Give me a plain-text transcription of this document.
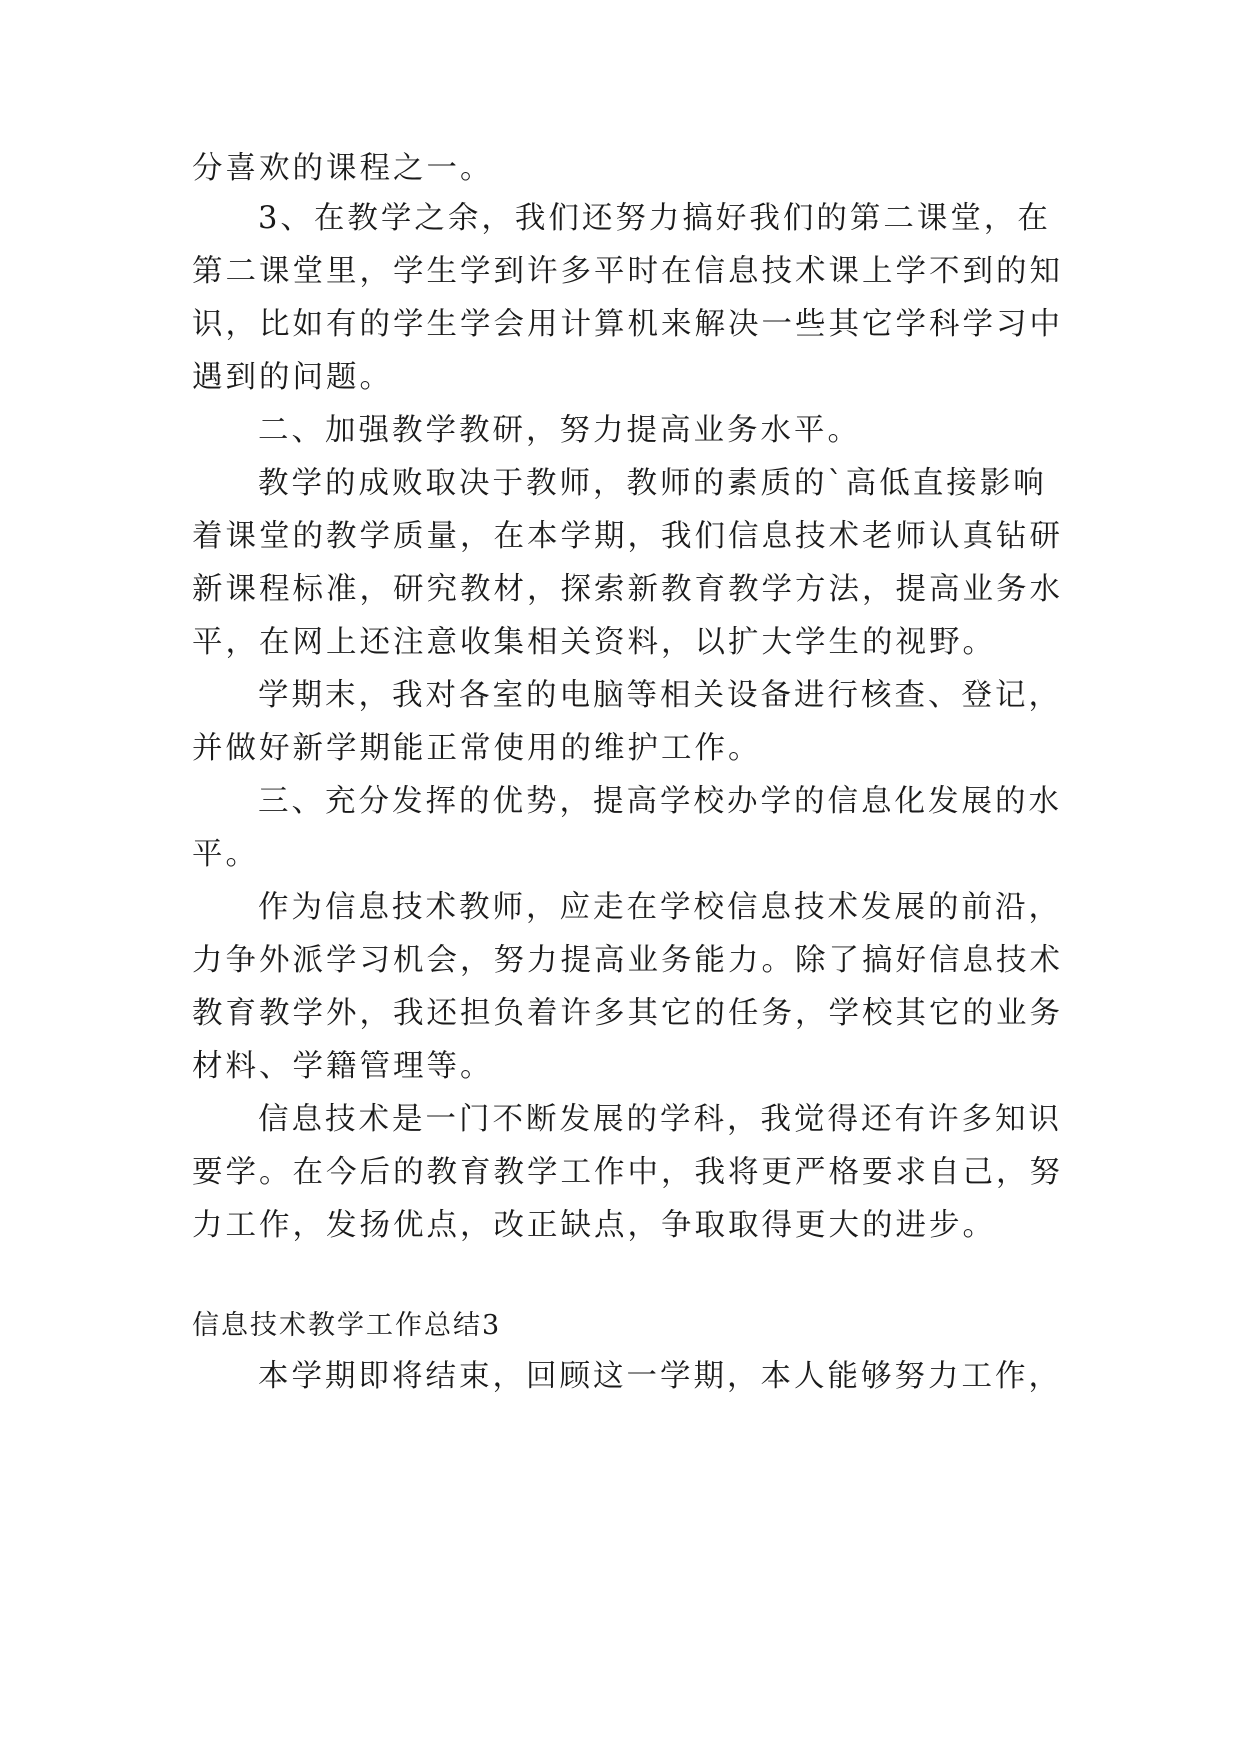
分喜欢的课程之一。
3、在教学之余，我们还努力搞好我们的第二课堂，在
第二课堂里，学生学到许多平时在信息技术课上学不到的知
识，比如有的学生学会用计算机来解决一些其它学科学习中
遇到的问题。
二、加强教学教研，努力提高业务水平。
教学的成败取决于教师，教师的素质的`高低直接影响
着课堂的教学质量，在本学期，我们信息技术老师认真钻研
新课程标准，研究教材，探索新教育教学方法，提高业务水
平，在网上还注意收集相关资料，以扩大学生的视野。
学期末，我对各室的电脑等相关设备进行核查、登记，
并做好新学期能正常使用的维护工作。
三、充分发挥的优势，提高学校办学的信息化发展的水
平。
作为信息技术教师，应走在学校信息技术发展的前沿，
力争外派学习机会，努力提高业务能力。除了搞好信息技术
教育教学外，我还担负着许多其它的任务，学校其它的业务
材料、学籍管理等。
信息技术是一门不断发展的学科，我觉得还有许多知识
要学。在今后的教育教学工作中，我将更严格要求自己，努
力工作，发扬优点，改正缺点，争取取得更大的进步。
信息技术教学工作总结3
本学期即将结束，回顾这一学期，本人能够努力工作，
